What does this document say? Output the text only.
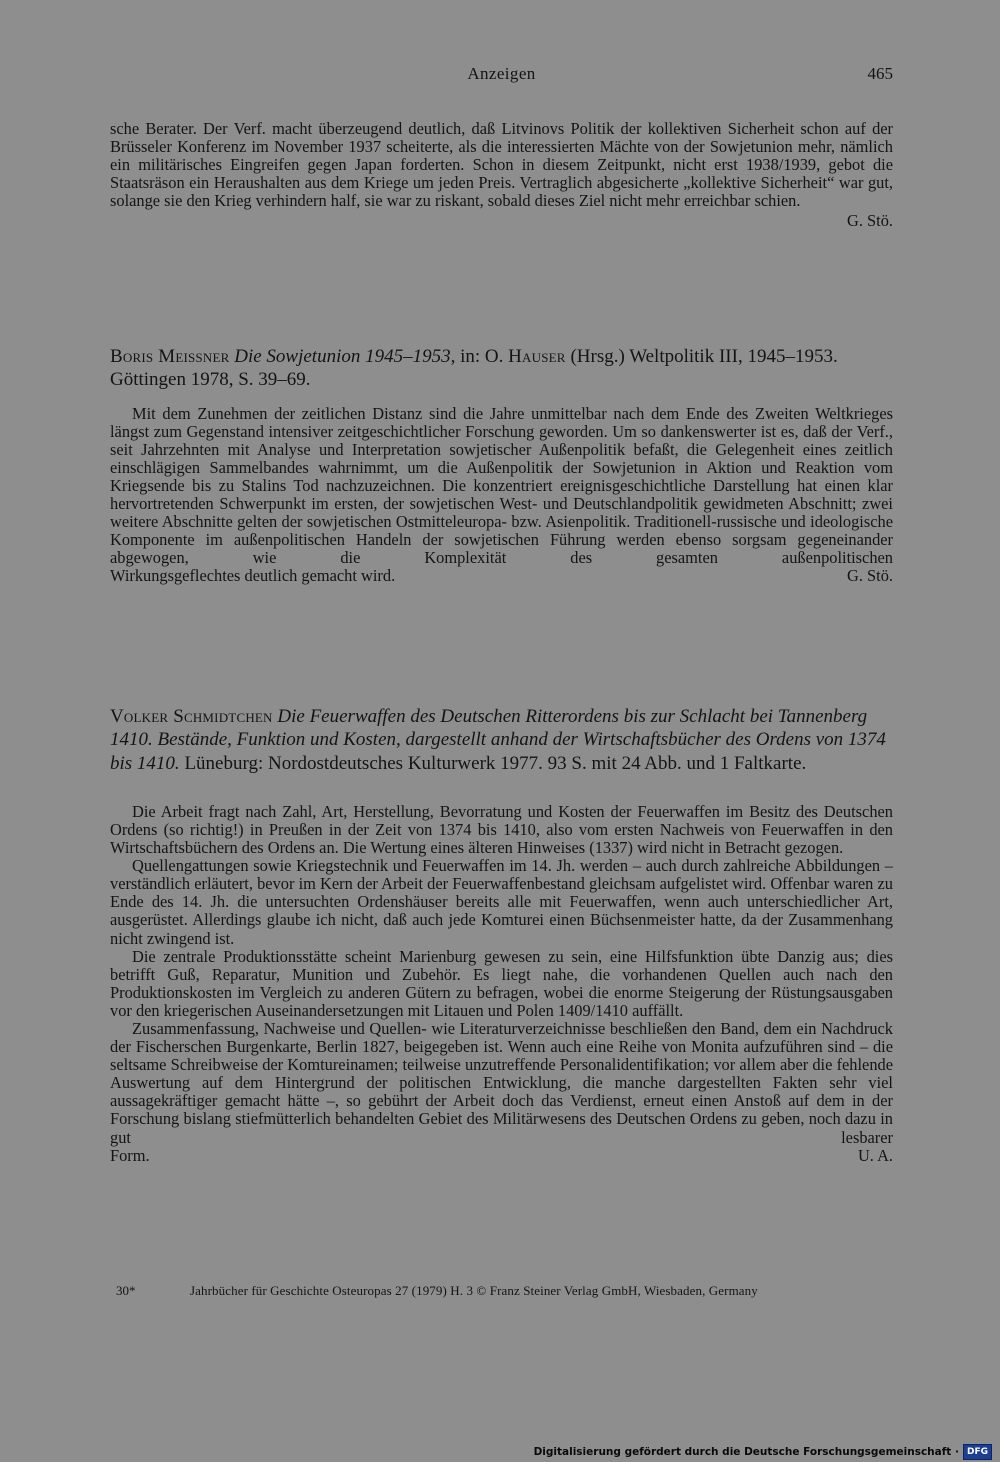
Anzeigen	465

sche Berater. Der Verf. macht überzeugend deutlich, daß Litvinovs Politik der kollektiven Sicherheit schon auf der Brüsseler Konferenz im November 1937 scheiterte, als die interessierten Mächte von der Sowjetunion mehr, nämlich ein militärisches Eingreifen gegen Japan forderten. Schon in diesem Zeitpunkt, nicht erst 1938/1939, gebot die Staatsräson ein Heraushalten aus dem Kriege um jeden Preis. Vertraglich abgesicherte „kollektive Sicherheit“ war gut, solange sie den Krieg verhindern half, sie war zu riskant, sobald dieses Ziel nicht mehr erreichbar schien.

G. Stö.

Boris Meissner Die Sowjetunion 1945–1953, in: O. Hauser (Hrsg.) Weltpolitik III, 1945–1953. Göttingen 1978, S. 39–69.

Mit dem Zunehmen der zeitlichen Distanz sind die Jahre unmittelbar nach dem Ende des Zweiten Weltkrieges längst zum Gegenstand intensiver zeitgeschichtlicher Forschung geworden. Um so dankenswerter ist es, daß der Verf., seit Jahrzehnten mit Analyse und Interpretation sowjetischer Außenpolitik befaßt, die Gelegenheit eines zeitlich einschlägigen Sammelbandes wahrnimmt, um die Außenpolitik der Sowjetunion in Aktion und Reaktion vom Kriegsende bis zu Stalins Tod nachzuzeichnen. Die konzentriert ereignisgeschichtliche Darstellung hat einen klar hervortretenden Schwerpunkt im ersten, der sowjetischen West- und Deutschlandpolitik gewidmeten Abschnitt; zwei weitere Abschnitte gelten der sowjetischen Ostmitteleuropa- bzw. Asienpolitik. Traditionell-russische und ideologische Komponente im außenpolitischen Handeln der sowjetischen Führung werden ebenso sorgsam gegeneinander abgewogen, wie die Komplexität des gesamten außenpolitischen

Wirkungsgeflechtes deutlich gemacht wird.	G. Stö.

Volker Schmidtchen Die Feuerwaffen des Deutschen Ritterordens bis zur Schlacht bei Tannenberg 1410. Bestände, Funktion und Kosten, dargestellt anhand der Wirtschaftsbücher des Ordens von 1374 bis 1410. Lüneburg: Nordostdeutsches Kulturwerk 1977. 93 S. mit 24 Abb. und 1 Faltkarte.

Die Arbeit fragt nach Zahl, Art, Herstellung, Bevorratung und Kosten der Feuerwaffen im Besitz des Deutschen Ordens (so richtig!) in Preußen in der Zeit von 1374 bis 1410, also vom ersten Nachweis von Feuerwaffen in den Wirtschaftsbüchern des Ordens an. Die Wertung eines älteren Hinweises (1337) wird nicht in Betracht gezogen.

Quellengattungen sowie Kriegstechnik und Feuerwaffen im 14. Jh. werden – auch durch zahlreiche Abbildungen – verständlich erläutert, bevor im Kern der Arbeit der Feuerwaffenbestand gleichsam aufgelistet wird. Offenbar waren zu Ende des 14. Jh. die untersuchten Ordenshäuser bereits alle mit Feuerwaffen, wenn auch unterschiedlicher Art, ausgerüstet. Allerdings glaube ich nicht, daß auch jede Komturei einen Büchsenmeister hatte, da der Zusammenhang nicht zwingend ist.

Die zentrale Produktionsstätte scheint Marienburg gewesen zu sein, eine Hilfsfunktion übte Danzig aus; dies betrifft Guß, Reparatur, Munition und Zubehör. Es liegt nahe, die vorhandenen Quellen auch nach den Produktionskosten im Vergleich zu anderen Gütern zu befragen, wobei die enorme Steigerung der Rüstungsausgaben vor den kriegerischen Auseinandersetzungen mit Litauen und Polen 1409/1410 auffällt.

Zusammenfassung, Nachweise und Quellen- wie Literaturverzeichnisse beschließen den Band, dem ein Nachdruck der Fischerschen Burgenkarte, Berlin 1827, beigegeben ist. Wenn auch eine Reihe von Monita aufzuführen sind – die seltsame Schreibweise der Komtureinamen; teilweise unzutreffende Personalidentifikation; vor allem aber die fehlende Auswertung auf dem Hintergrund der politischen Entwicklung, die manche dargestellten Fakten sehr viel aussagekräftiger gemacht hätte –, so gebührt der Arbeit doch das Verdienst, erneut einen Anstoß auf dem in der Forschung bislang stiefmütterlich behandelten Gebiet des Militärwesens des Deutschen Ordens zu geben, noch dazu in gut lesbarer

Form.	U. A.
30*	Jahrbücher für Geschichte Osteuropas 27 (1979) H. 3 © Franz Steiner Verlag GmbH, Wiesbaden, Germany
Digitalisierung gefördert durch die Deutsche Forschungsgemeinschaft · DFG
